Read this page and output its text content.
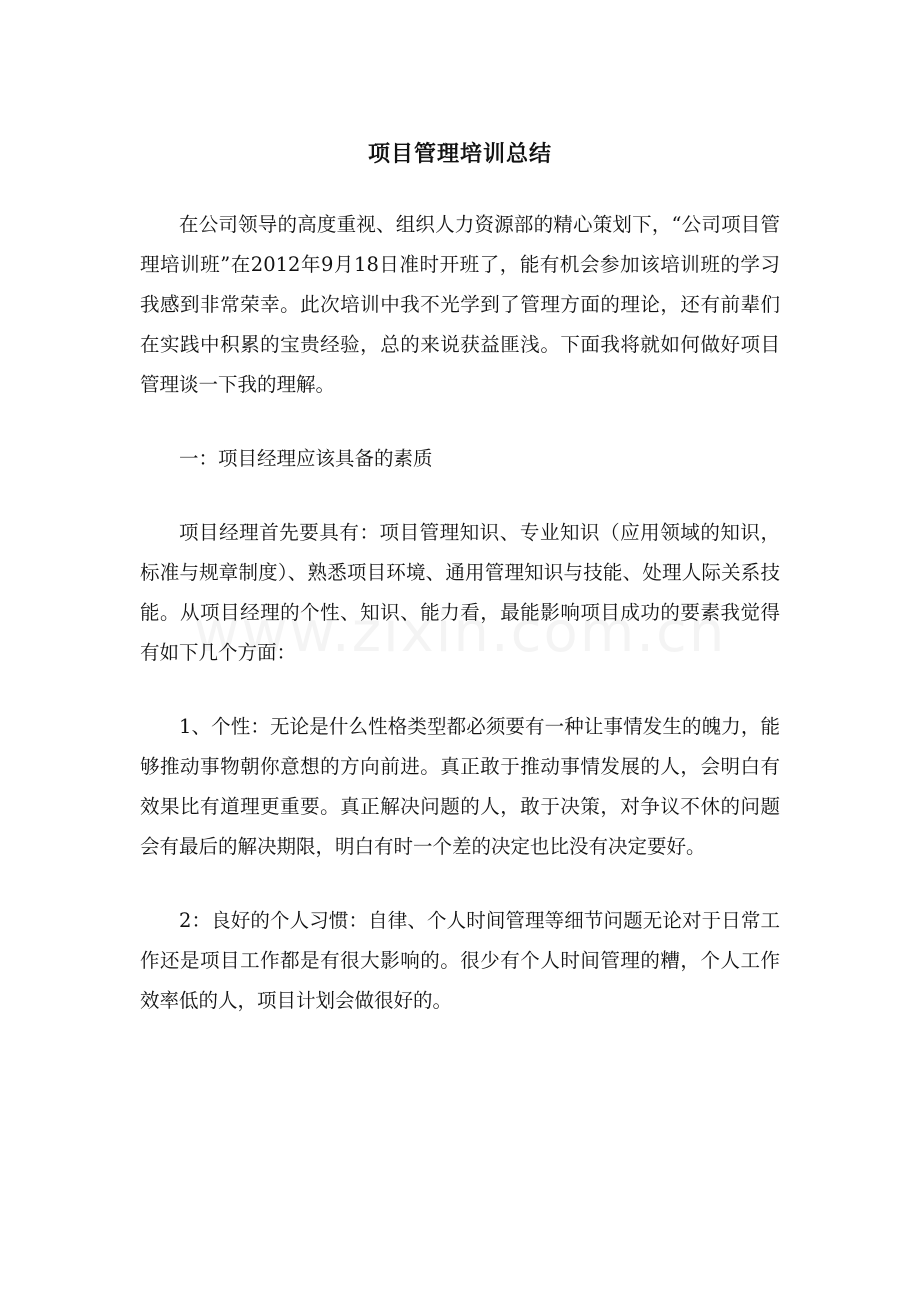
项目管理培训总结

在公司领导的高度重视、组织人力资源部的精心策划下，“公司项目管理培训班”在2012年9月18日准时开班了，能有机会参加该培训班的学习我感到非常荣幸。此次培训中我不光学到了管理方面的理论，还有前辈们在实践中积累的宝贵经验，总的来说获益匪浅。下面我将就如何做好项目管理谈一下我的理解。

一：项目经理应该具备的素质

项目经理首先要具有：项目管理知识、专业知识（应用领域的知识，标准与规章制度）、熟悉项目环境、通用管理知识与技能、处理人际关系技能。从项目经理的个性、知识、能力看，最能影响项目成功的要素我觉得有如下几个方面：

1、个性：无论是什么性格类型都必须要有一种让事情发生的魄力，能够推动事物朝你意想的方向前进。真正敢于推动事情发展的人，会明白有效果比有道理更重要。真正解决问题的人，敢于决策，对争议不休的问题会有最后的解决期限，明白有时一个差的决定也比没有决定要好。

2：良好的个人习惯：自律、个人时间管理等细节问题无论对于日常工作还是项目工作都是有很大影响的。很少有个人时间管理的糟，个人工作效率低的人，项目计划会做很好的。
